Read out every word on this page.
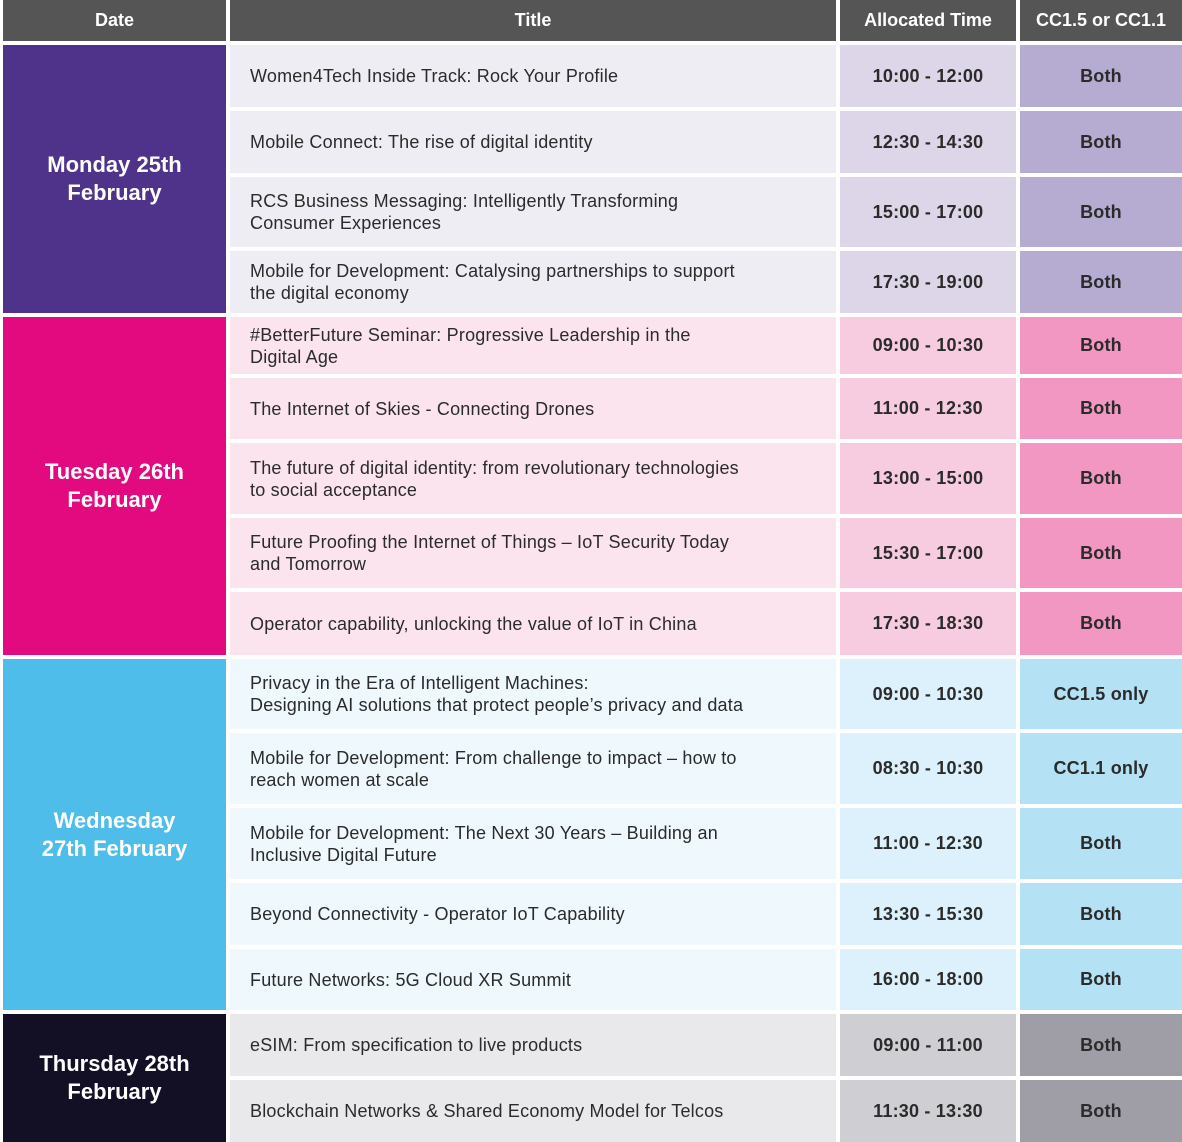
Date	Title	Allocated Time	CC1.5 or CC1.1
Monday 25th
February
Women4Tech Inside Track: Rock Your Profile	10:00 - 12:00	Both
Mobile Connect: The rise of digital identity	12:30 - 14:30	Both
RCS Business Messaging: Intelligently Transforming
Consumer Experiences
15:00 - 17:00	Both
Mobile for Development: Catalysing partnerships to support
the digital economy
17:30 - 19:00	Both
Tuesday 26th
February
#BetterFuture Seminar: Progressive Leadership in the
Digital Age
09:00 - 10:30	Both
The Internet of Skies - Connecting Drones	11:00 - 12:30	Both
The future of digital identity: from revolutionary technologies
to social acceptance
13:00 - 15:00	Both
Future Proofing the Internet of Things – IoT Security Today
and Tomorrow
15:30 - 17:00	Both
Operator capability, unlocking the value of IoT in China	17:30 - 18:30	Both
Wednesday
27th February
Privacy in the Era of Intelligent Machines:
Designing AI solutions that protect people’s privacy and data
09:00 - 10:30	CC1.5 only
Mobile for Development: From challenge to impact – how to
reach women at scale
08:30 - 10:30	CC1.1 only
Mobile for Development: The Next 30 Years – Building an
Inclusive Digital Future
11:00 - 12:30	Both
Beyond Connectivity - Operator IoT Capability	13:30 - 15:30	Both
Future Networks: 5G Cloud XR Summit	16:00 - 18:00	Both
Thursday 28th
February
eSIM: From specification to live products	09:00 - 11:00	Both
Blockchain Networks & Shared Economy Model for Telcos	11:30 - 13:30	Both
